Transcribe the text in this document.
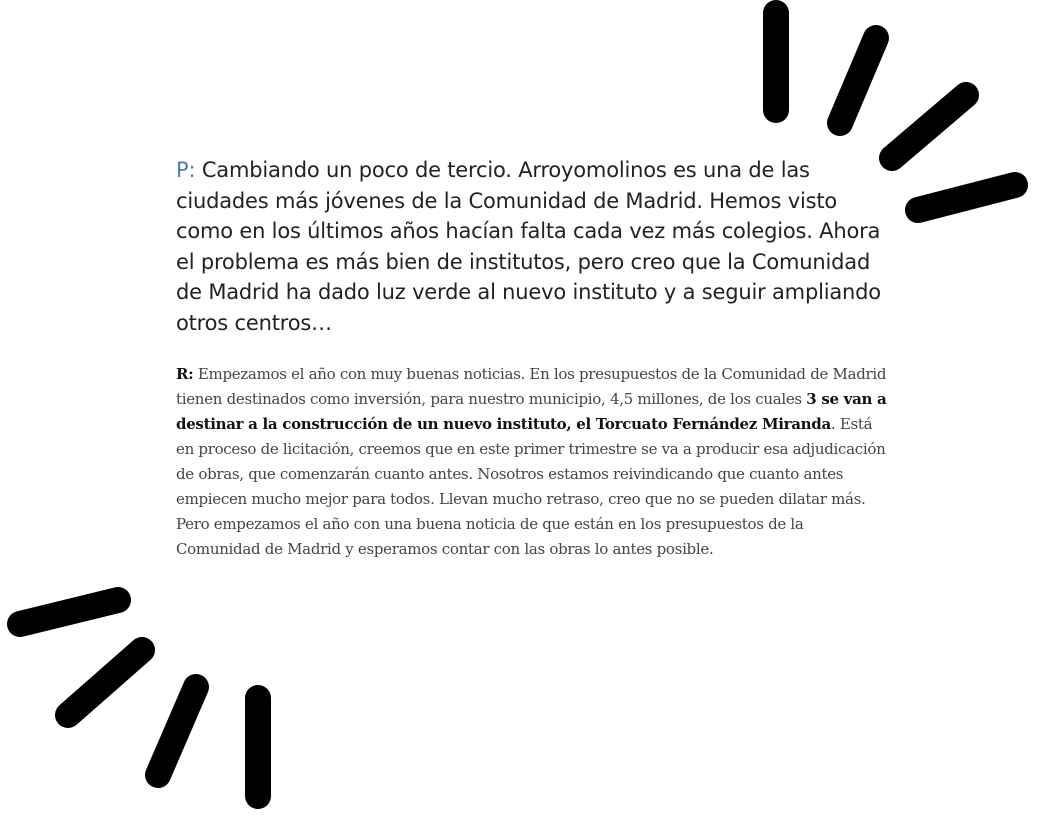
P: Cambiando un poco de tercio. Arroyomolinos es una de las ciudades más jóvenes de la Comunidad de Madrid. Hemos visto como en los últimos años hacían falta cada vez más colegios. Ahora el problema es más bien de institutos, pero creo que la Comunidad de Madrid ha dado luz verde al nuevo instituto y a seguir ampliando otros centros…

R: Empezamos el año con muy buenas noticias. En los presupuestos de la Comunidad de Madrid tienen destinados como inversión, para nuestro municipio, 4,5 millones, de los cuales 3 se van a destinar a la construcción de un nuevo instituto, el Torcuato Fernández Miranda. Está en proceso de licitación, creemos que en este primer trimestre se va a producir esa adjudicación de obras, que comenzarán cuanto antes. Nosotros estamos reivindicando que cuanto antes empiecen mucho mejor para todos. Llevan mucho retraso, creo que no se pueden dilatar más. Pero empezamos el año con una buena noticia de que están en los presupuestos de la Comunidad de Madrid y esperamos contar con las obras lo antes posible.
